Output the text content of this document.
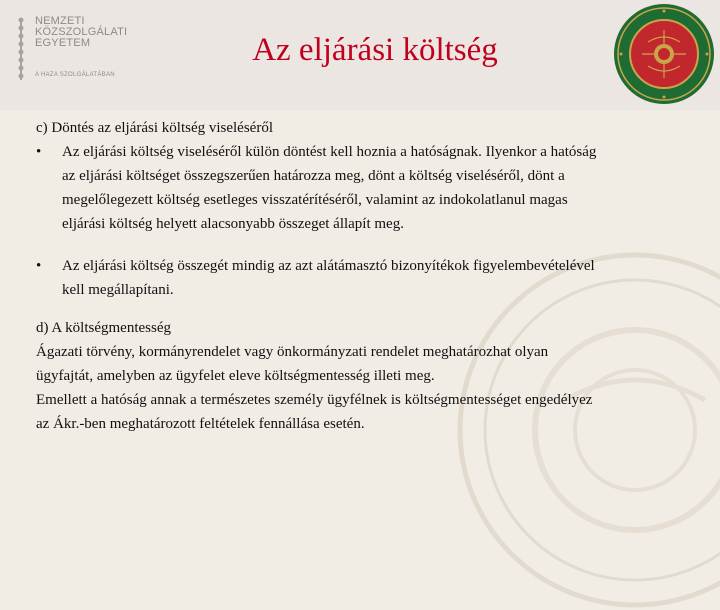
NEMZETI
KÖZSZOLGÁLATI
EGYETEM
A HAZA SZOLGÁLATÁBAN
Az eljárási költség

c) Döntés az eljárási költség viseléséről

• Az eljárási költség viseléséről külön döntést kell hoznia a hatóságnak. Ilyenkor a hatóság

az eljárási költséget összegszerűen határozza meg, dönt a költség viseléséről, dönt a

megelőlegezett költség esetleges visszatérítéséről, valamint az indokolatlanul magas

eljárási költség helyett alacsonyabb összeget állapít meg.

• Az eljárási költség összegét mindig az azt alátámasztó bizonyítékok figyelembevételével

kell megállapítani.

d) A költségmentesség

Ágazati törvény, kormányrendelet vagy önkormányzati rendelet meghatározhat olyan

ügyfajtát, amelyben az ügyfelet eleve költségmentesség illeti meg.

Emellett a hatóság annak a természetes személy ügyfélnek is költségmentességet engedélyez

az Ákr.-ben meghatározott feltételek fennállása esetén.
